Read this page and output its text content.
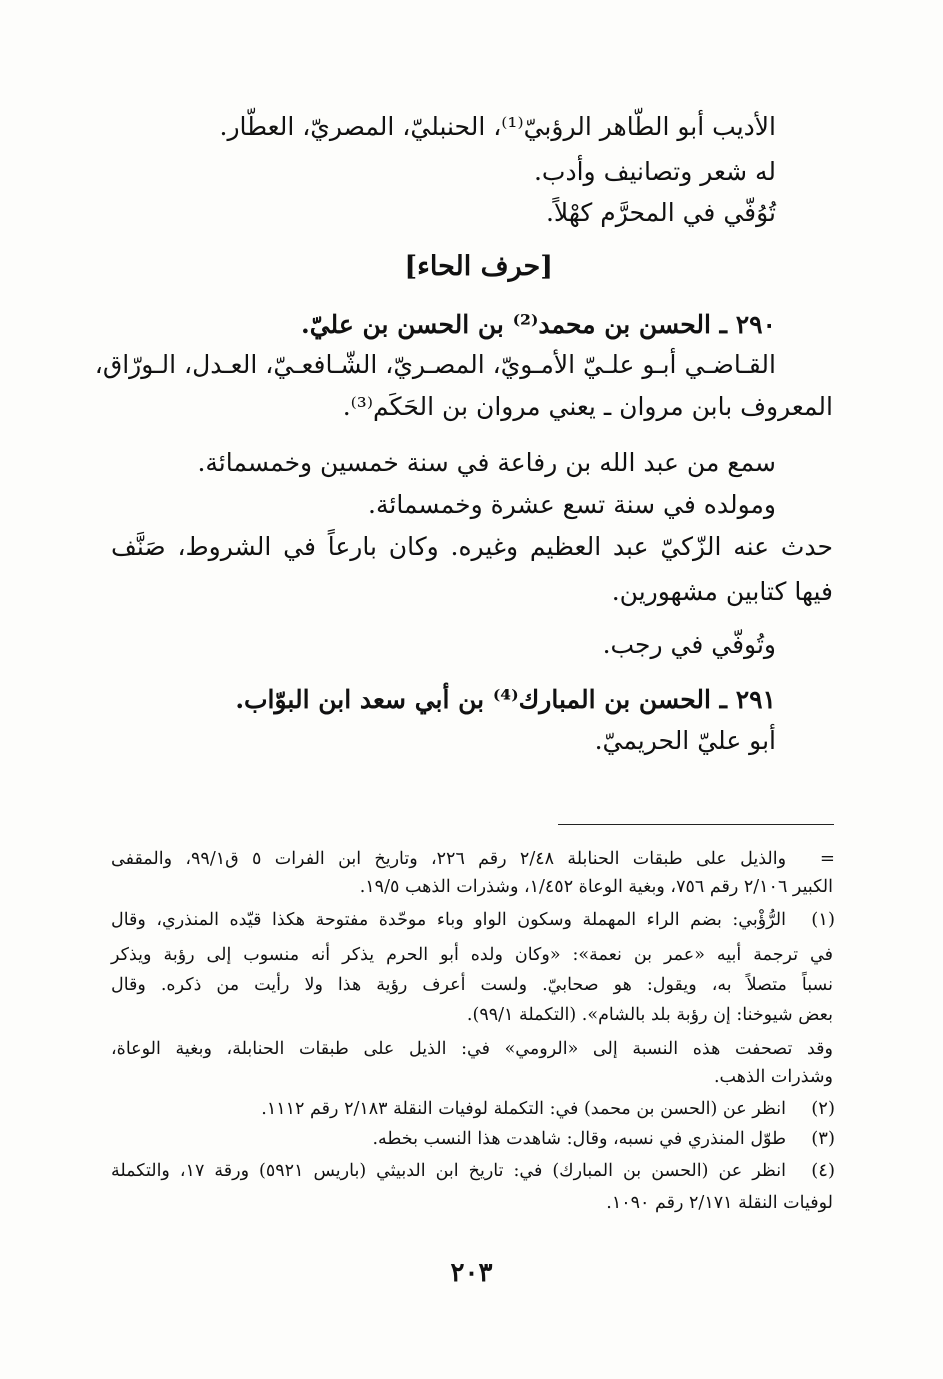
الأديب أبو الطّاهر الرؤبيّ⁽¹⁾، الحنبليّ، المصريّ، العطّار.
له شعر وتصانيف وأدب.
تُوُفّي في المحرَّم كهْلاً.
[حرف الحاء]
٢٩٠ ـ الحسن بن محمد⁽²⁾ بن الحسن بن عليّ.
القـاضـي أبـو علـيّ الأمـويّ، المصـريّ، الشّـافعـيّ، العـدل، الـورّاق،
المعروف بابن مروان ـ يعني مروان بن الحَكَم⁽³⁾.
سمع من عبد الله بن رفاعة في سنة خمسين وخمسمائة.
ومولده في سنة تسع عشرة وخمسمائة.
حدث عنه الزّكيّ عبد العظيم وغيره. وكان بارعاً في الشروط، صَنَّف
فيها كتابين مشهورين.
وتُوفّي في رجب.
٢٩١ ـ الحسن بن المبارك⁽⁴⁾ بن أبي سعد ابن البوّاب.
أبو عليّ الحريميّ.
=
والذيل على طبقات الحنابلة ٢/٤٨ رقم ٢٢٦، وتاريخ ابن الفرات ٥ ق٩٩/١، والمقفى
الكبير ٢/١٠٦ رقم ٧٥٦، وبغية الوعاة ١/٤٥٢، وشذرات الذهب ١٩/٥.
(١)
الرُّؤْبي: بضم الراء المهملة وسكون الواو وباء موحّدة مفتوحة هكذا قيّده المنذري، وقال
في ترجمة أبيه «عمر بن نعمة»: «وكان ولده أبو الحرم يذكر أنه منسوب إلى رؤبة ويذكر
نسباً متصلاً به، ويقول: هو صحابيّ. ولست أعرف رؤية هذا ولا رأيت من ذكره. وقال
بعض شيوخنا: إن رؤبة بلد بالشام». (التكملة ٩٩/١).
وقد تصحفت هذه النسبة إلى «الرومي» في: الذيل على طبقات الحنابلة، وبغية الوعاة،
وشذرات الذهب.
(٢)
انظر عن (الحسن بن محمد) في: التكملة لوفيات النقلة ٢/١٨٣ رقم ١١١٢.
(٣)
طوّل المنذري في نسبه، وقال: شاهدت هذا النسب بخطه.
(٤)
انظر عن (الحسن بن المبارك) في: تاريخ ابن الدبيثي (باريس ٥٩٢١) ورقة ١٧، والتكملة
لوفيات النقلة ٢/١٧١ رقم ١٠٩٠.
٢٠٣
